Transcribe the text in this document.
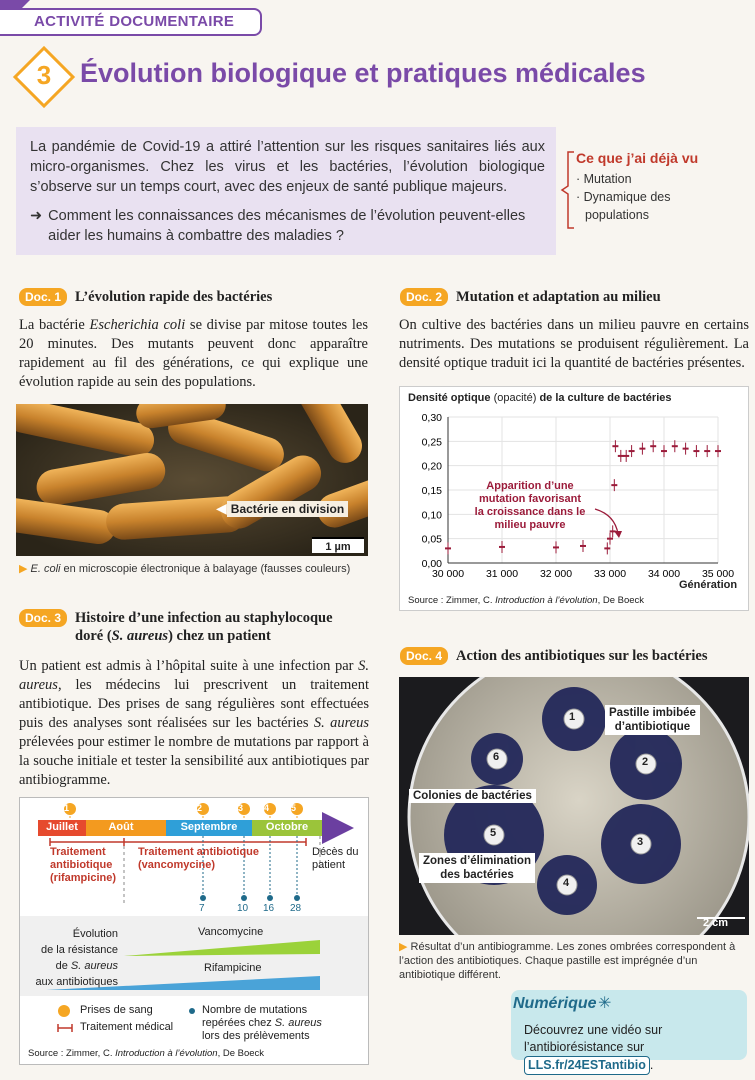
ACTIVITÉ DOCUMENTAIRE
3	Évolution biologique et pratiques médicales
La pandémie de Covid-19 a attiré l’attention sur les risques sanitaires liés aux micro-organismes. Chez les virus et les bactéries, l’évolution biologique s’observe sur un temps court, avec des enjeux de santé publique majeurs.
➜ Comment les connaissances des mécanismes de l’évolution peuvent-elles aider les humains à combattre des maladies ?
Ce que j’ai déjà vu
· Mutation
· Dynamique des
populations
Doc. 1 L’évolution rapide des bactéries
La bactérie Escherichia coli se divise par mitose toutes les 20 minutes. Des mutants peuvent donc apparaître rapidement au fil des générations, ce qui explique une évolution rapide au sein des populations.
◀ Bactérie en division
1 µm
▶ E. coli en microscopie électronique à balayage (fausses couleurs)
Doc. 2 Mutation et adaptation au milieu
On cultive des bactéries dans un milieu pauvre en certains nutriments. Des mutations se produisent régulièrement. La densité optique traduit ici la quantité de bactéries présentes.
Densité optique (opacité) de la culture de bactéries
0,00
0,05
0,10
0,15
0,20
0,25
0,30
30 000 31 000 32 000 33 000 34 000 35 000
Apparition d’une
mutation favorisant
la croissance dans le
milieu pauvre
Génération
Source : Zimmer, C. Introduction à l’évolution, De Boeck
Doc. 3 Histoire d’une infection au staphylocoque
doré (S. aureus) chez un patient
Un patient est admis à l’hôpital suite à une infection par S. aureus, les médecins lui prescrivent un traitement antibiotique. Des prises de sang régulières sont effectuées puis des analyses sont réalisées sur les bactéries S. aureus prélevées pour estimer le nombre de mutations par rapport à la souche initiale et tester la sensibilité aux antibiotiques par antibiogramme.
Juillet	Août	Septembre	Octobre
1	2	3 4 5
Traitement
antibiotique
(rifampicine)
Traitement antibiotique
(vancomycine)
Décès du
patient
7	10 16 28
Évolution
de la résistance
de S. aureus
aux antibiotiques
Vancomycine
Rifampicine
Prises de sang
Traitement médical
Nombre de mutations
repérées chez S. aureus
lors des prélèvements
Source : Zimmer, C. Introduction à l’évolution, De Boeck
Doc. 4 Action des antibiotiques sur les bactéries
1
2
3
4
5
6
Pastille imbibée
d’antibiotique
Colonies de bactéries
Zones d’élimination
des bactéries
2 cm
▶ Résultat d’un antibiogramme. Les zones ombrées correspondent à l’action des antibiotiques. Chaque pastille est imprégnée d’un antibiotique différent.
Numérique ✳
Découvrez une vidéo sur l’antibiorésistance sur LLS.fr/24ESTantibio .
